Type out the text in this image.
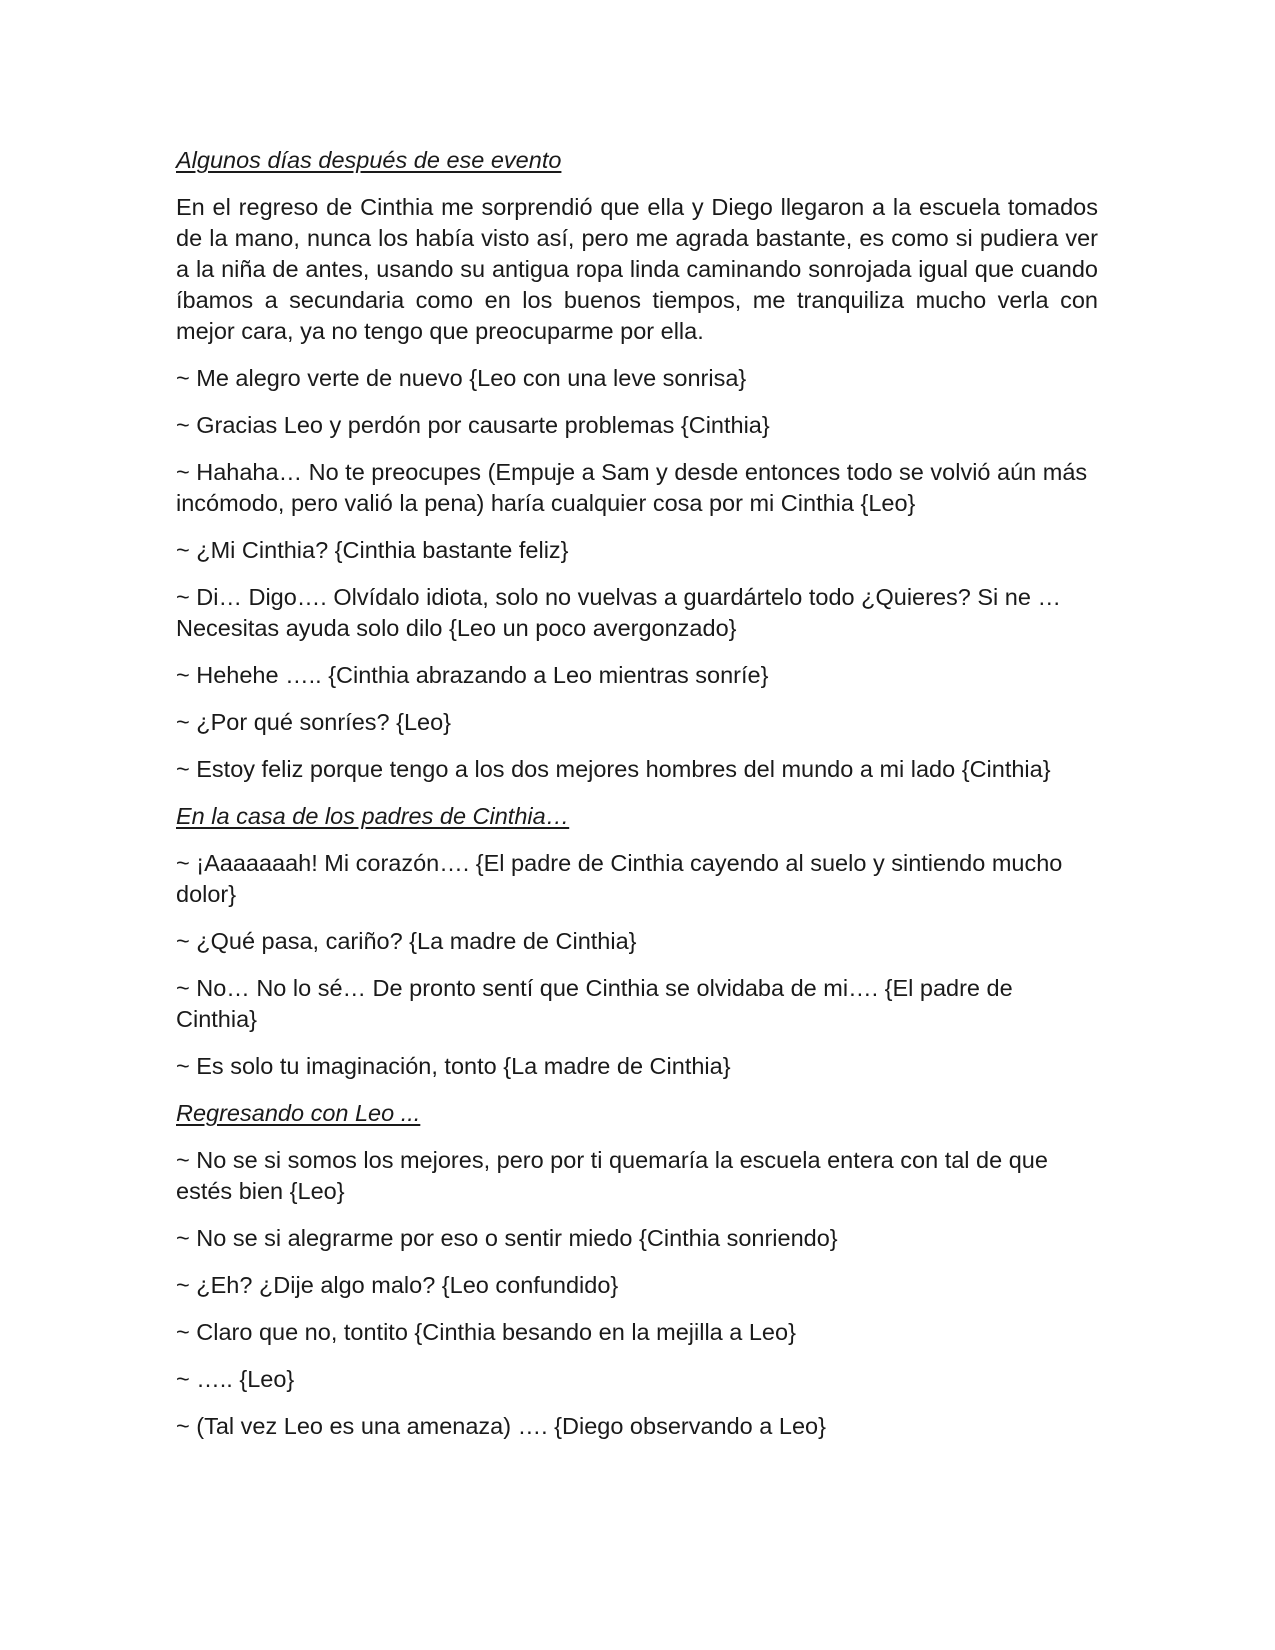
Algunos días después de ese evento
En el regreso de Cinthia me sorprendió que ella y Diego llegaron a la escuela tomados de la mano, nunca los había visto así, pero me agrada bastante, es como si pudiera ver a la niña de antes, usando su antigua ropa linda caminando sonrojada igual que cuando íbamos a secundaria como en los buenos tiempos, me tranquiliza mucho verla con mejor cara, ya no tengo que preocuparme por ella.
~ Me alegro verte de nuevo {Leo con una leve sonrisa}
~ Gracias Leo y perdón por causarte problemas {Cinthia}
~ Hahaha… No te preocupes (Empuje a Sam y desde entonces todo se volvió aún más incómodo, pero valió la pena) haría cualquier cosa por mi Cinthia {Leo}
~ ¿Mi Cinthia? {Cinthia bastante feliz}
~ Di… Digo…. Olvídalo idiota, solo no vuelvas a guardártelo todo ¿Quieres? Si ne … Necesitas ayuda solo dilo {Leo un poco avergonzado}
~ Hehehe ….. {Cinthia abrazando a Leo mientras sonríe}
~ ¿Por qué sonríes? {Leo}
~ Estoy feliz porque tengo a los dos mejores hombres del mundo a mi lado {Cinthia}
En la casa de los padres de Cinthia…
~ ¡Aaaaaaah! Mi corazón…. {El padre de Cinthia cayendo al suelo y sintiendo mucho dolor}
~ ¿Qué pasa, cariño? {La madre de Cinthia}
~ No… No lo sé… De pronto sentí que Cinthia se olvidaba de mi…. {El padre de Cinthia}
~ Es solo tu imaginación, tonto {La madre de Cinthia}
Regresando con Leo ...
~ No se si somos los mejores, pero por ti quemaría la escuela entera con tal de que estés bien {Leo}
~ No se si alegrarme por eso o sentir miedo {Cinthia sonriendo}
~ ¿Eh? ¿Dije algo malo? {Leo confundido}
~ Claro que no, tontito {Cinthia besando en la mejilla a Leo}
~ ….. {Leo}
~ (Tal vez Leo es una amenaza) …. {Diego observando a Leo}
